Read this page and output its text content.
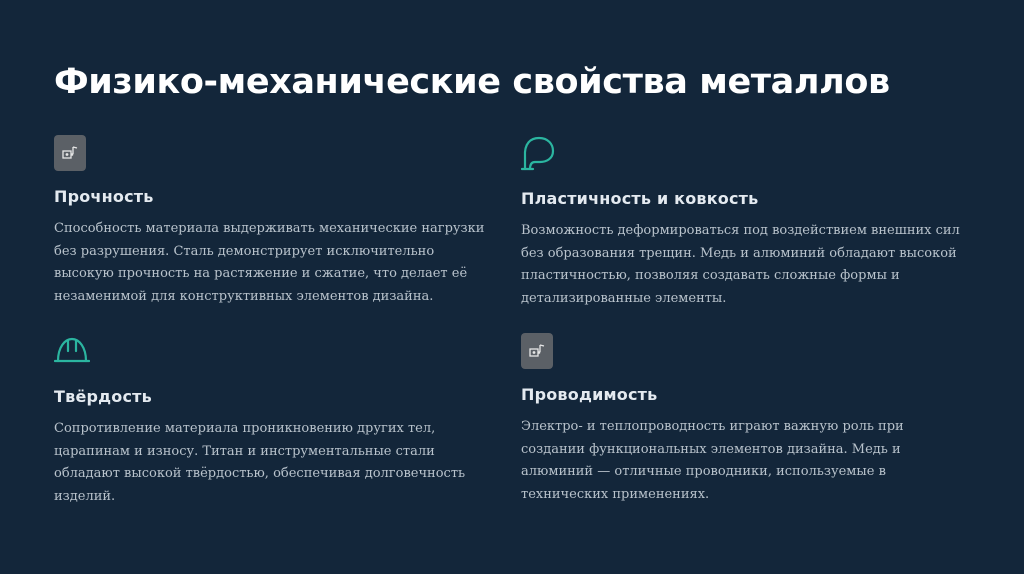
Физико-механические свойства металлов
Прочность

Способность материала выдерживать механические нагрузки без разрушения. Сталь демонстрирует исключительно высокую прочность на растяжение и сжатие, что делает её незаменимой для конструктивных элементов дизайна.

Пластичность и ковкость

Возможность деформироваться под воздействием внешних сил без образования трещин. Медь и алюминий обладают высокой пластичностью, позволяя создавать сложные формы и детализированные элементы.

Твёрдость

Сопротивление материала проникновению других тел, царапинам и износу. Титан и инструментальные стали обладают высокой твёрдостью, обеспечивая долговечность изделий.

Проводимость

Электро- и теплопроводность играют важную роль при создании функциональных элементов дизайна. Медь и алюминий — отличные проводники, используемые в технических применениях.
